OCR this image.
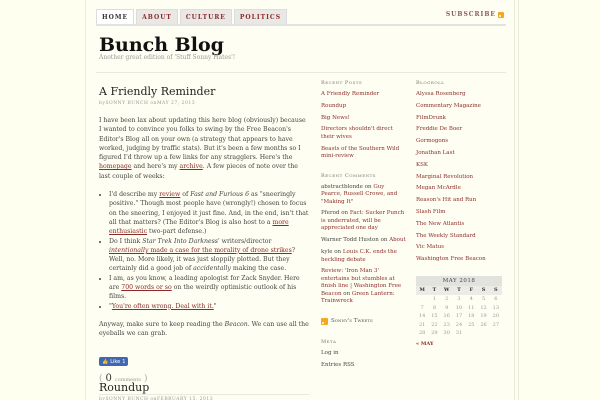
HOME	ABOUT	CULTURE	POLITICS	SUBSCRIBE
Bunch Blog
Another great edition of 'Stuff Sonny Hates'!
A Friendly Reminder
bySONNY BUNCH onMAY 27, 2013

I have been lax about updating this here blog (obviously) because I wanted to convince you folks to swing by the Free Beacon's Editor's Blog all on your own (a strategy that appears to have worked, judging by traffic stats). But it's been a few months so I figured I'd throw up a few links for any stragglers. Here's the homepage and here's my archive. A few pieces of note over the last couple of weeks:

• I'd describe my review of Fast and Furious 6 as "sneeringly positive." Though most people have (wrongly!) chosen to focus on the sneering, I enjoyed it just fine. And, in the end, isn't that all that matters? (The Editor's Blog is also host to a more enthusiastic two-part defense.)
• Do I think Star Trek Into Darkness' writers/director intentionally made a case for the morality of drone strikes? Well, no. More likely, it was just sloppily plotted. But they certainly did a good job of accidentally making the case.
• I am, as you know, a leading apologist for Zack Snyder. Here are 700 words or so on the weirdly optimistic outlook of his films.
• "You're often wrong. Deal with it."

Anyway, make sure to keep reading the Beacon. We can use all the eyeballs we can grab.

👍 Like 1
( 0 comments )
Roundup
bySONNY BUNCH onFEBRUARY 15, 2013
Recent Posts
A Friendly Reminder
Roundup
Big News!
Directors shouldn't direct their wives
Beasts of the Southern Wild mini-review
Recent Comments
abstractblonde on Guy Pearce, Russell Crowe, and "Making It"
Pferod on Fact: Sucker Punch is underrated, will be appreciated one day
Warner Todd Huston on About
kyle on Louis C.K. ends the heckling debate
Review: 'Iron Man 3' entertains but stumbles at finish line | Washington Free Beacon on Green Lantern: Trainwreck
Sonny's Tweets
Meta
Log in
Entries RSS
Blogroll
Alyssa Rosenberg
Commentary Magazine
FilmDrunk
Freddie De Boer
Gormogons
Jonathan Last
KSK
Marginal Revolution
Megan McArdle
Reason's Hit and Run
Slash Film
The New Atlantis
The Weekly Standard
Vic Matus
Washington Free Beacon
MAY 2018
M	T	W	T	F	S	S
	1	2	3	4	5	6
7	8	9	10	11	12	13
14	15	16	17	18	19	20
21	22	23	24	25	26	27
28	29	30	31			
« MAY
